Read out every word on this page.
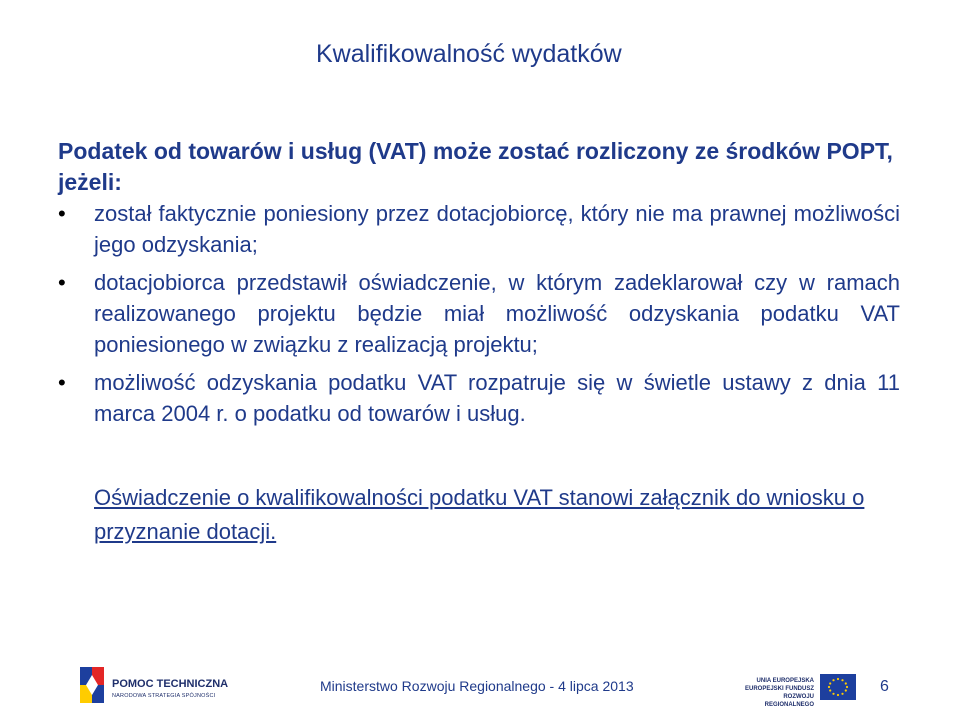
Kwalifikowalność wydatków
Podatek od towarów i usług (VAT) może zostać rozliczony ze środków POPT, jeżeli:
• został faktycznie poniesiony przez dotacjobiorcę, który nie ma prawnej możliwości jego odzyskania;
• dotacjobiorca przedstawił oświadczenie, w którym zadeklarował czy w ramach realizowanego projektu będzie miał możliwość odzyskania podatku VAT poniesionego w związku z realizacją projektu;
• możliwość odzyskania podatku VAT rozpatruje się w świetle ustawy z dnia 11 marca 2004 r. o podatku od towarów i usług.
Oświadczenie o kwalifikowalności podatku VAT stanowi załącznik do wniosku o przyznanie dotacji.
POMOC TECHNICZNA
NARODOWA STRATEGIA SPÓJNOŚCI
Ministerstwo Rozwoju Regionalnego - 4 lipca 2013	UNIA EUROPEJSKA
EUROPEJSKI FUNDUSZ
ROZWOJU REGIONALNEGO
6
